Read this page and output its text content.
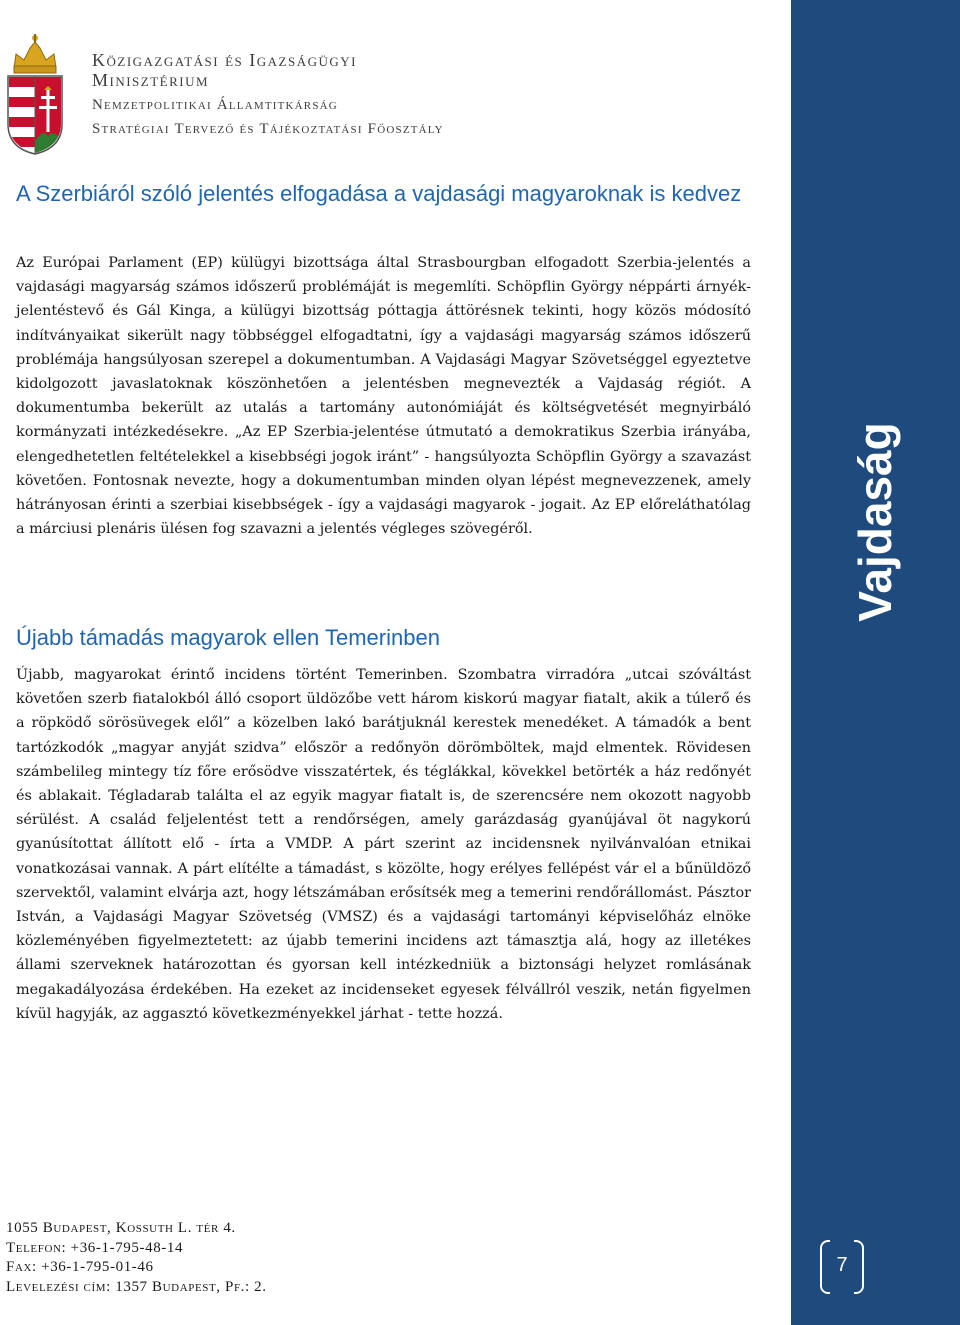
Vajdaság
Közigazgatási és Igazságügyi
Minisztérium
Nemzetpolitikai Államtitkárság
Stratégiai Tervező és Tájékoztatási Főosztály
A Szerbiáról szóló jelentés elfogadása a vajdasági magyaroknak is kedvez

Az Európai Parlament (EP) külügyi bizottsága által Strasbourgban elfogadott Szerbia-jelentés a vajdasági magyarság számos időszerű problémáját is megemlíti. Schöpflin György néppárti árnyék-jelentéstevő és Gál Kinga, a külügyi bizottság póttagja áttörésnek tekinti, hogy közös módosító indítványaikat sikerült nagy többséggel elfogadtatni, így a vajdasági magyarság számos időszerű problémája hangsúlyosan szerepel a dokumentumban. A Vajdasági Magyar Szövetséggel egyeztetve kidolgozott javaslatoknak köszönhetően a jelentésben megnevezték a Vajdaság régiót. A dokumentumba bekerült az utalás a tartomány autonómiáját és költségvetését megnyirbáló kormányzati intézkedésekre. „Az EP Szerbia-jelentése útmutató a demokratikus Szerbia irányába, elengedhetetlen feltételekkel a kisebbségi jogok iránt” - hangsúlyozta Schöpflin György a szavazást követően. Fontosnak nevezte, hogy a dokumentumban minden olyan lépést megnevezzenek, amely hátrányosan érinti a szerbiai kisebbségek - így a vajdasági magyarok - jogait. Az EP előreláthatólag a márciusi plenáris ülésen fog szavazni a jelentés végleges szövegéről.

Újabb támadás magyarok ellen Temerinben

Újabb, magyarokat érintő incidens történt Temerinben. Szombatra virradóra „utcai szóváltást követően szerb fiatalokból álló csoport üldözőbe vett három kiskorú magyar fiatalt, akik a túlerő és a röpködő sörösüvegek elől” a közelben lakó barátjuknál kerestek menedéket. A támadók a bent tartózkodók „magyar anyját szidva” először a redőnyön dörömböltek, majd elmentek. Rövidesen számbelileg mintegy tíz főre erősödve visszatértek, és téglákkal, kövekkel betörték a ház redőnyét és ablakait. Tégladarab találta el az egyik magyar fiatalt is, de szerencsére nem okozott nagyobb sérülést. A család feljelentést tett a rendőrségen, amely garázdaság gyanújával öt nagykorú gyanúsítottat állított elő - írta a VMDP. A párt szerint az incidensnek nyilvánvalóan etnikai vonatkozásai vannak. A párt elítélte a támadást, s közölte, hogy erélyes fellépést vár el a bűnüldöző szervektől, valamint elvárja azt, hogy létszámában erősítsék meg a temerini rendőrállomást. Pásztor István, a Vajdasági Magyar Szövetség (VMSZ) és a vajdasági tartományi képviselőház elnöke közleményében figyelmeztetett: az újabb temerini incidens azt támasztja alá, hogy az illetékes állami szerveknek határozottan és gyorsan kell intézkedniük a biztonsági helyzet romlásának megakadályozása érdekében. Ha ezeket az incidenseket egyesek félvállról veszik, netán figyelmen kívül hagyják, az aggasztó következményekkel járhat - tette hozzá.

1055 Budapest, Kossuth L. tér 4.
Telefon: +36-1-795-48-14
Fax: +36-1-795-01-46
Levelezési cím: 1357 Budapest, Pf.: 2.
7
